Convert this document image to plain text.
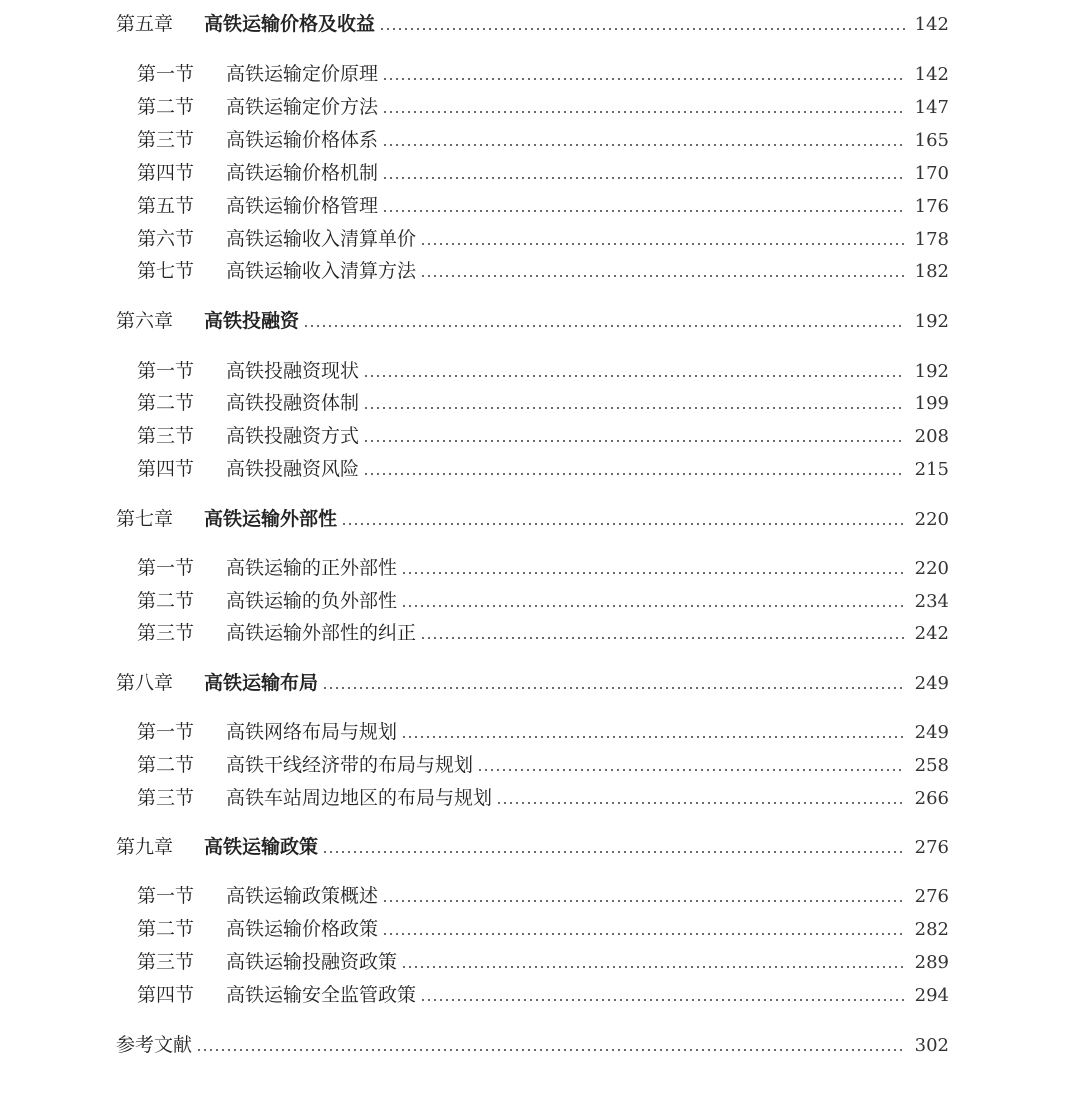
第五章	高铁运输价格及收益	142
第一节	高铁运输定价原理	142
第二节	高铁运输定价方法	147
第三节	高铁运输价格体系	165
第四节	高铁运输价格机制	170
第五节	高铁运输价格管理	176
第六节	高铁运输收入清算单价	178
第七节	高铁运输收入清算方法	182
第六章	高铁投融资	192
第一节	高铁投融资现状	192
第二节	高铁投融资体制	199
第三节	高铁投融资方式	208
第四节	高铁投融资风险	215
第七章	高铁运输外部性	220
第一节	高铁运输的正外部性	220
第二节	高铁运输的负外部性	234
第三节	高铁运输外部性的纠正	242
第八章	高铁运输布局	249
第一节	高铁网络布局与规划	249
第二节	高铁干线经济带的布局与规划	258
第三节	高铁车站周边地区的布局与规划	266
第九章	高铁运输政策	276
第一节	高铁运输政策概述	276
第二节	高铁运输价格政策	282
第三节	高铁运输投融资政策	289
第四节	高铁运输安全监管政策	294
参考文献	302
